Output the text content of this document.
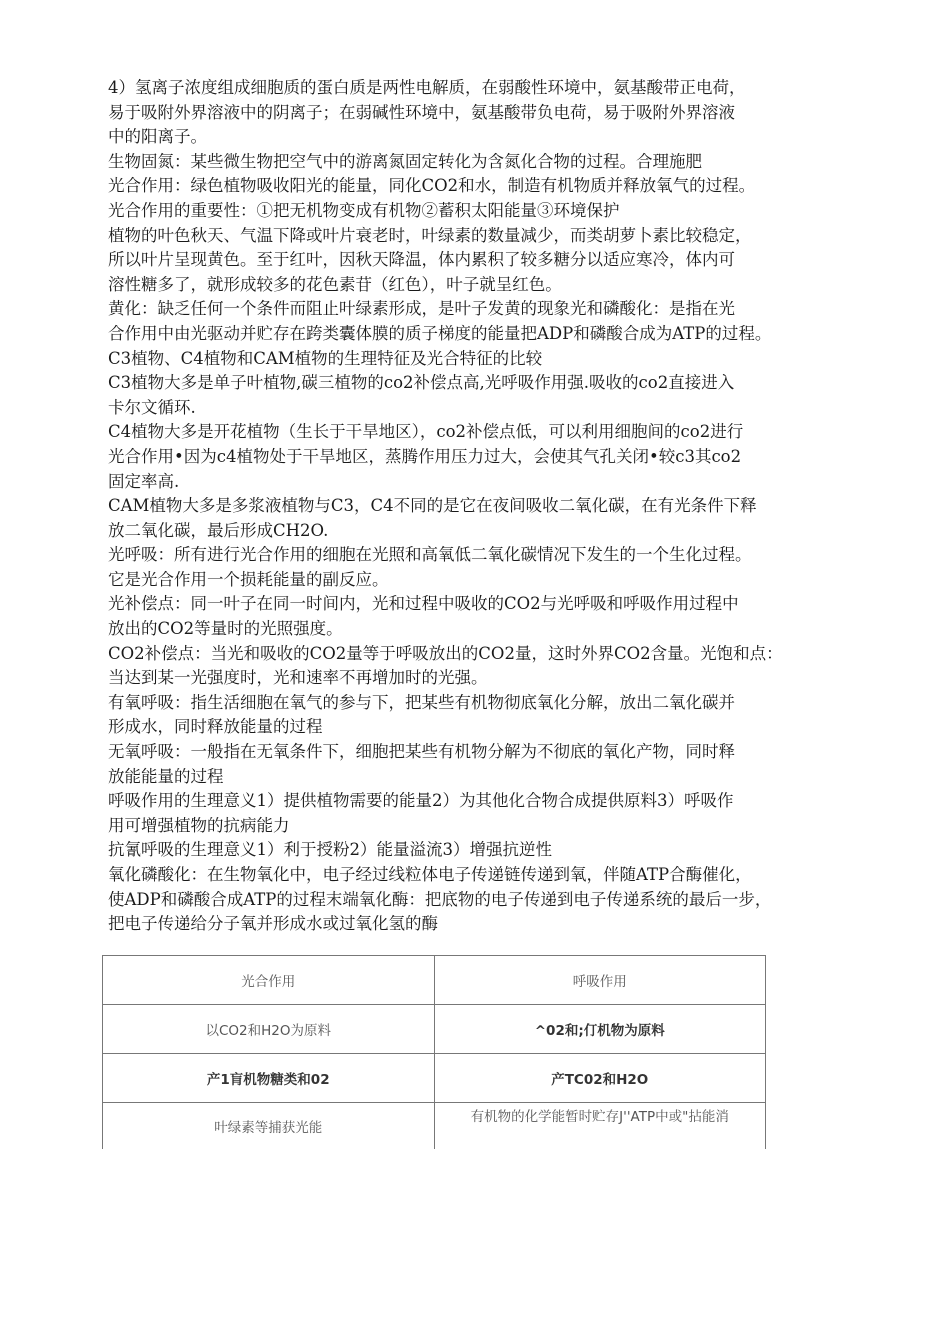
4）氢离子浓度组成细胞质的蛋白质是两性电解质，在弱酸性环境中，氨基酸带正电荷，
易于吸附外界溶液中的阴离子；在弱碱性环境中，氨基酸带负电荷，易于吸附外界溶液
中的阳离子。

生物固氮：某些微生物把空气中的游离氮固定转化为含氮化合物的过程。合理施肥

光合作用：绿色植物吸收阳光的能量，同化CO2和水，制造有机物质并释放氧气的过程。

光合作用的重要性：①把无机物变成有机物②蓄积太阳能量③环境保护

植物的叶色秋天、气温下降或叶片衰老时，叶绿素的数量减少，而类胡萝卜素比较稳定，
所以叶片呈现黄色。至于红叶，因秋天降温，体内累积了较多糖分以适应寒冷，体内可
溶性糖多了，就形成较多的花色素苷（红色），叶子就呈红色。

黄化：缺乏任何一个条件而阻止叶绿素形成，是叶子发黄的现象光和磷酸化：是指在光
合作用中由光驱动并贮存在跨类囊体膜的质子梯度的能量把ADP和磷酸合成为ATP的过程。

C3植物、C4植物和CAM植物的生理特征及光合特征的比较

C3植物大多是单子叶植物,碳三植物的co2补偿点高,光呼吸作用强.吸收的co2直接进入
卡尔文循环.

C4植物大多是开花植物（生长于干旱地区），co2补偿点低，可以利用细胞间的co2进行
光合作用•因为c4植物处于干旱地区，蒸腾作用压力过大，会使其气孔关闭•较c3其co2
固定率高.

CAM植物大多是多浆液植物与C3，C4不同的是它在夜间吸收二氧化碳，在有光条件下释
放二氧化碳，最后形成CH2O.

光呼吸：所有进行光合作用的细胞在光照和高氧低二氧化碳情况下发生的一个生化过程。
它是光合作用一个损耗能量的副反应。

光补偿点：同一叶子在同一时间内，光和过程中吸收的CO2与光呼吸和呼吸作用过程中
放出的CO2等量时的光照强度。

CO2补偿点：当光和吸收的CO2量等于呼吸放出的CO2量，这时外界CO2含量。光饱和点：
当达到某一光强度时，光和速率不再增加时的光强。

有氧呼吸：指生活细胞在氧气的参与下，把某些有机物彻底氧化分解，放出二氧化碳并
形成水，同时释放能量的过程

无氧呼吸：一般指在无氧条件下，细胞把某些有机物分解为不彻底的氧化产物，同时释
放能能量的过程

呼吸作用的生理意义1）提供植物需要的能量2）为其他化合物合成提供原料3）呼吸作
用可增强植物的抗病能力

抗氰呼吸的生理意义1）利于授粉2）能量溢流3）增强抗逆性

氧化磷酸化：在生物氧化中，电子经过线粒体电子传递链传递到氧，伴随ATP合酶催化，
使ADP和磷酸合成ATP的过程末端氧化酶：把底物的电子传递到电子传递系统的最后一步，
把电子传递给分子氧并形成水或过氧化氢的酶

光合作用	呼吸作用
以CO2和H2O为原料	^02和;仃机物为原料
产1肓机物糖类和02	产TC02和H2O
叶绿素等捕获光能	有机物的化学能暂时贮存J''ATP中或"拈能消
